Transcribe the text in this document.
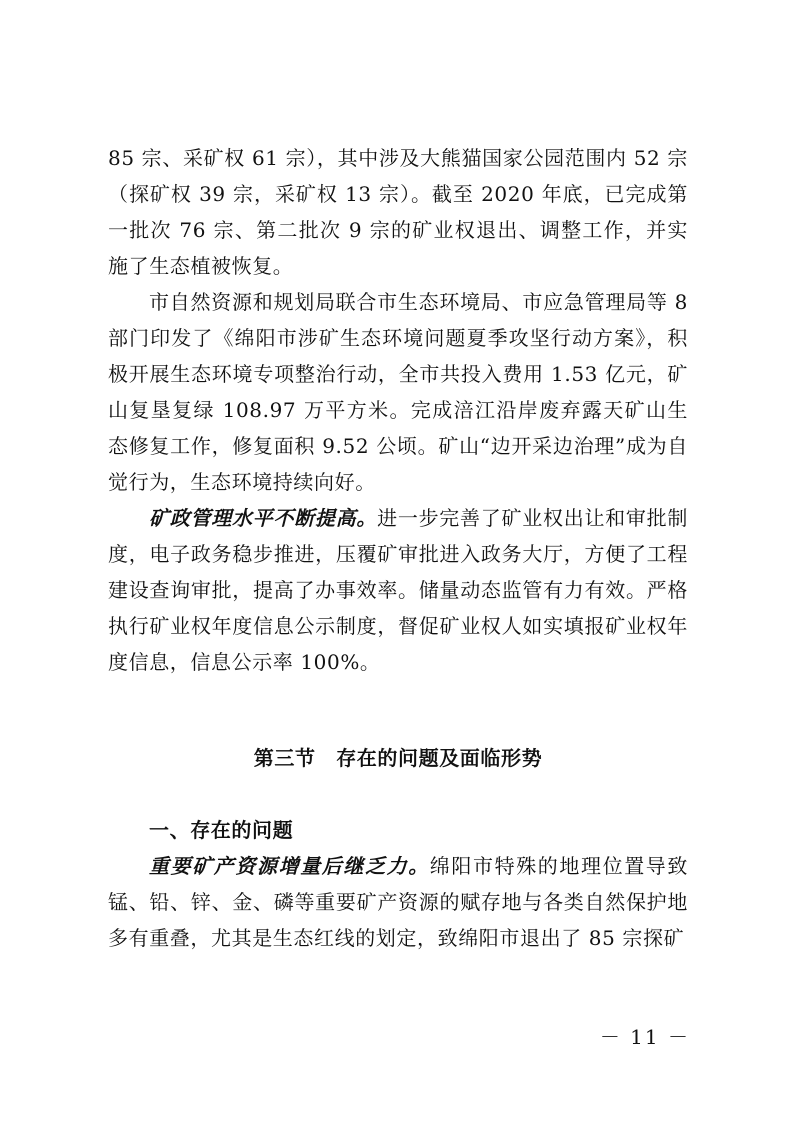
85 宗、采矿权 61 宗），其中涉及大熊猫国家公园范围内 52 宗（探矿权 39 宗，采矿权 13 宗）。截至 2020 年底，已完成第一批次 76 宗、第二批次 9 宗的矿业权退出、调整工作，并实施了生态植被恢复。

市自然资源和规划局联合市生态环境局、市应急管理局等 8 部门印发了《绵阳市涉矿生态环境问题夏季攻坚行动方案》，积极开展生态环境专项整治行动，全市共投入费用 1.53 亿元，矿山复垦复绿 108.97 万平方米。完成涪江沿岸废弃露天矿山生态修复工作，修复面积 9.52 公顷。矿山“边开采边治理”成为自觉行为，生态环境持续向好。

矿政管理水平不断提高。进一步完善了矿业权出让和审批制度，电子政务稳步推进，压覆矿审批进入政务大厅，方便了工程建设查询审批，提高了办事效率。储量动态监管有力有效。严格执行矿业权年度信息公示制度，督促矿业权人如实填报矿业权年度信息，信息公示率 100%。

第三节　存在的问题及面临形势
一、存在的问题

重要矿产资源增量后继乏力。绵阳市特殊的地理位置导致锰、铅、锌、金、磷等重要矿产资源的赋存地与各类自然保护地多有重叠，尤其是生态红线的划定，致绵阳市退出了 85 宗探矿

－ 11 －
